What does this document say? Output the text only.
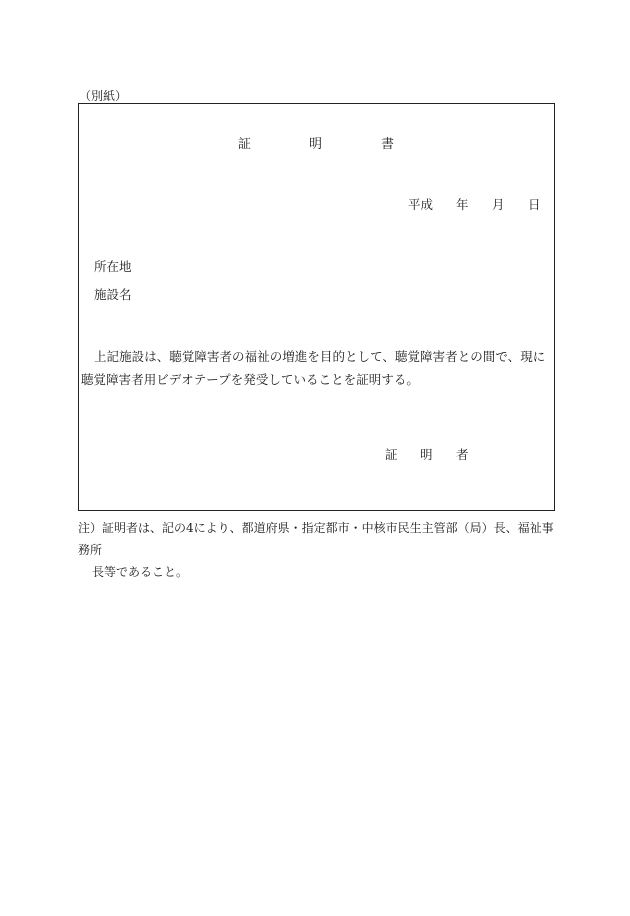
（別紙）
証	明	書
平成 年 月 日
所在地
施設名
上記施設は、聴覚障害者の福祉の増進を目的として、聴覚障害者との間で、現に聴覚障害者用ビデオテープを発受していることを証明する。
証 明 者
注）証明者は、記の4により、都道府県・指定都市・中核市民生主管部（局）長、福祉事務所
長等であること。
